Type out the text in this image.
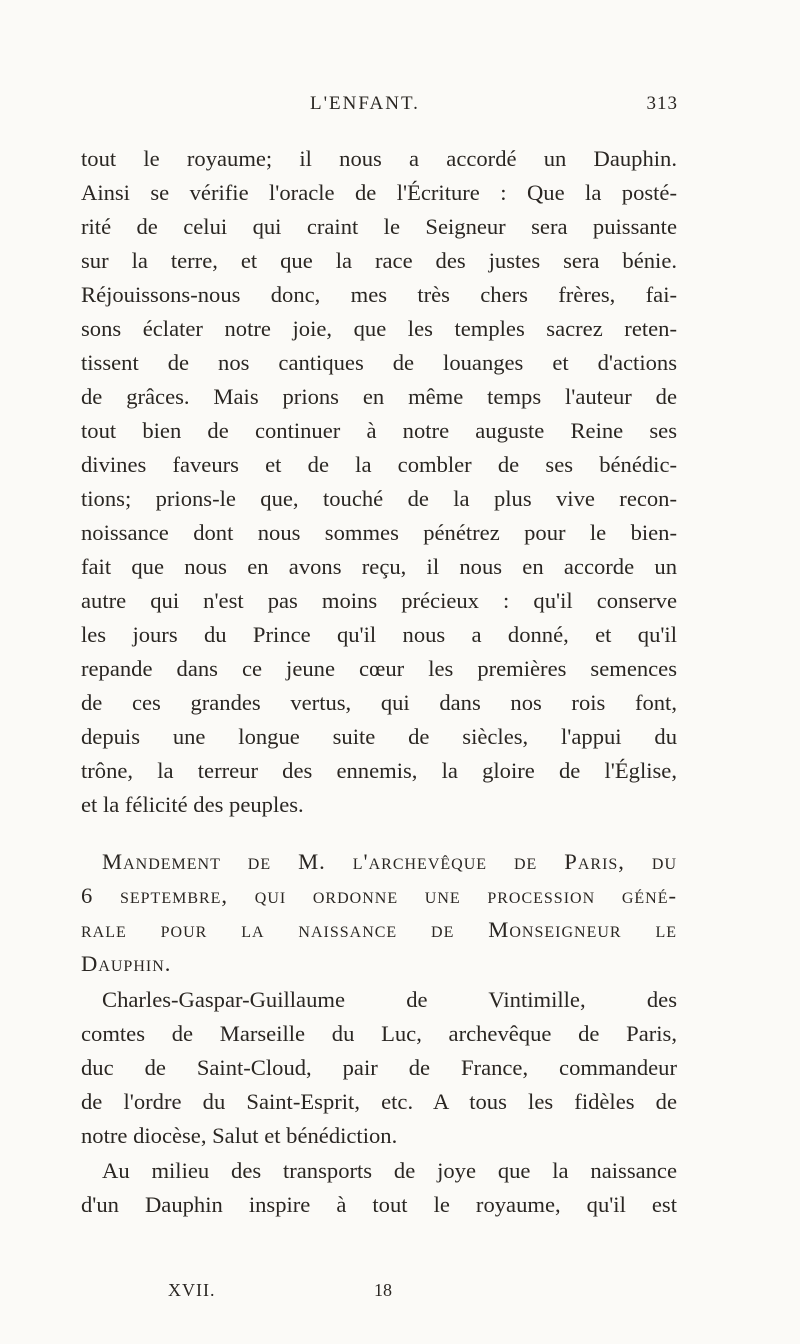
L'ENFANT.	313
tout le royaume; il nous a accordé un Dauphin.
Ainsi se vérifie l'oracle de l'Écriture : Que la posté-
rité de celui qui craint le Seigneur sera puissante
sur la terre, et que la race des justes sera bénie.
Réjouissons-nous donc, mes très chers frères, fai-
sons éclater notre joie, que les temples sacrez reten-
tissent de nos cantiques de louanges et d'actions
de grâces. Mais prions en même temps l'auteur de
tout bien de continuer à notre auguste Reine ses
divines faveurs et de la combler de ses bénédic-
tions; prions-le que, touché de la plus vive recon-
noissance dont nous sommes pénétrez pour le bien-
fait que nous en avons reçu, il nous en accorde un
autre qui n'est pas moins précieux : qu'il conserve
les jours du Prince qu'il nous a donné, et qu'il
repande dans ce jeune cœur les premières semences
de ces grandes vertus, qui dans nos rois font,
depuis une longue suite de siècles, l'appui du
trône, la terreur des ennemis, la gloire de l'Église,
et la félicité des peuples.
Mandement de M. l'archevêque de Paris, du
6 septembre, qui ordonne une procession géné-
rale pour la naissance de Monseigneur le
Dauphin.
Charles-Gaspar-Guillaume de Vintimille, des
comtes de Marseille du Luc, archevêque de Paris,
duc de Saint-Cloud, pair de France, commandeur
de l'ordre du Saint-Esprit, etc. A tous les fidèles de
notre diocèse, Salut et bénédiction.
Au milieu des transports de joye que la naissance
d'un Dauphin inspire à tout le royaume, qu'il est
XVII.	18
